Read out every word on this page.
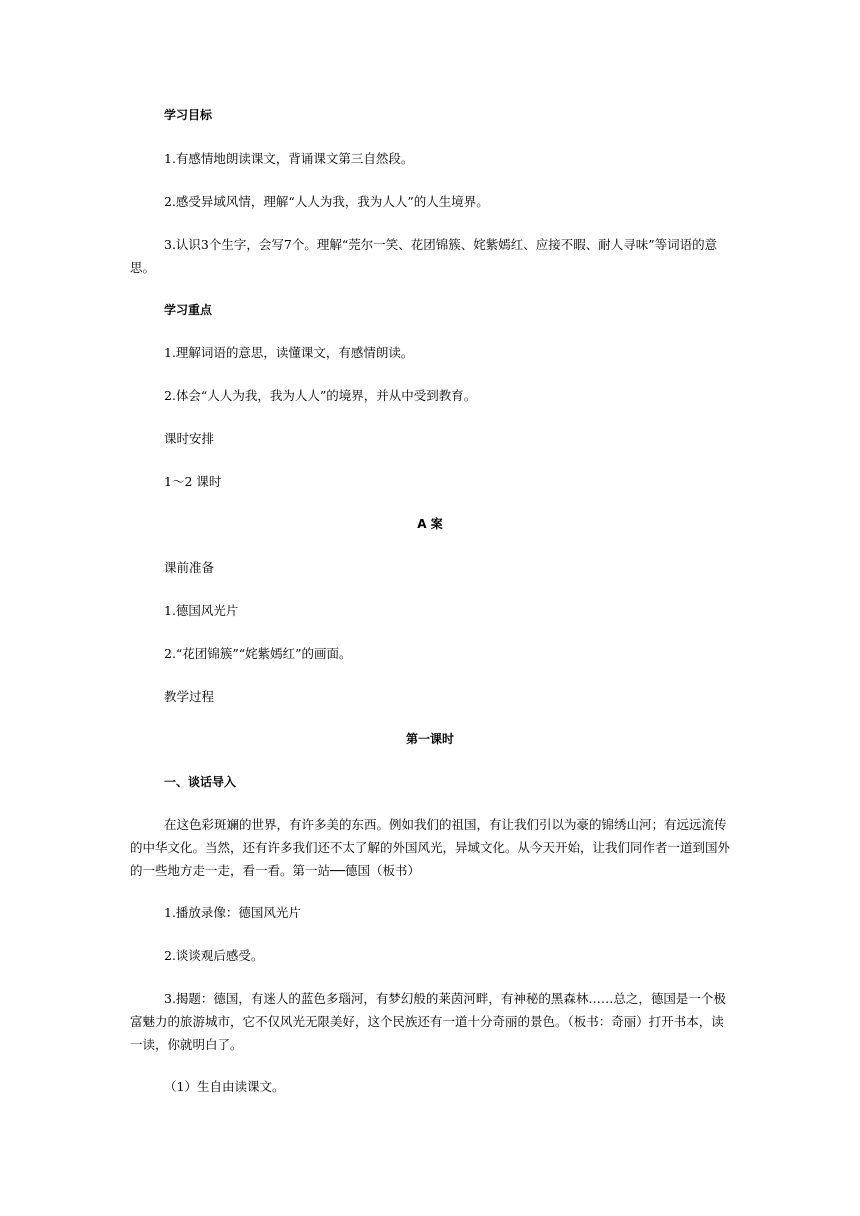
学习目标
1.有感情地朗读课文，背诵课文第三自然段。
2.感受异域风情，理解“人人为我，我为人人”的人生境界。
3.认识3个生字，会写7个。理解“莞尔一笑、花团锦簇、姹紫嫣红、应接不暇、耐人寻味”等词语的意思。
学习重点
1.理解词语的意思，读懂课文，有感情朗读。
2.体会“人人为我，我为人人”的境界，并从中受到教育。
课时安排
1～2 课时
A 案
课前准备
1.德国风光片
2.“花团锦簇”“姹紫嫣红”的画面。
教学过程
第一课时
一、谈话导入
在这色彩斑斓的世界，有许多美的东西。例如我们的祖国，有让我们引以为豪的锦绣山河；有远远流传的中华文化。当然，还有许多我们还不太了解的外国风光，异域文化。从今天开始，让我们同作者一道到国外的一些地方走一走，看一看。第一站──德国（板书）
1.播放录像：德国风光片
2.谈谈观后感受。
3.揭题：德国，有迷人的蓝色多瑙河，有梦幻般的莱茵河畔，有神秘的黑森林……总之，德国是一个极富魅力的旅游城市，它不仅风光无限美好，这个民族还有一道十分奇丽的景色。（板书：奇丽）打开书本，读一读，你就明白了。
（1）生自由读课文。
